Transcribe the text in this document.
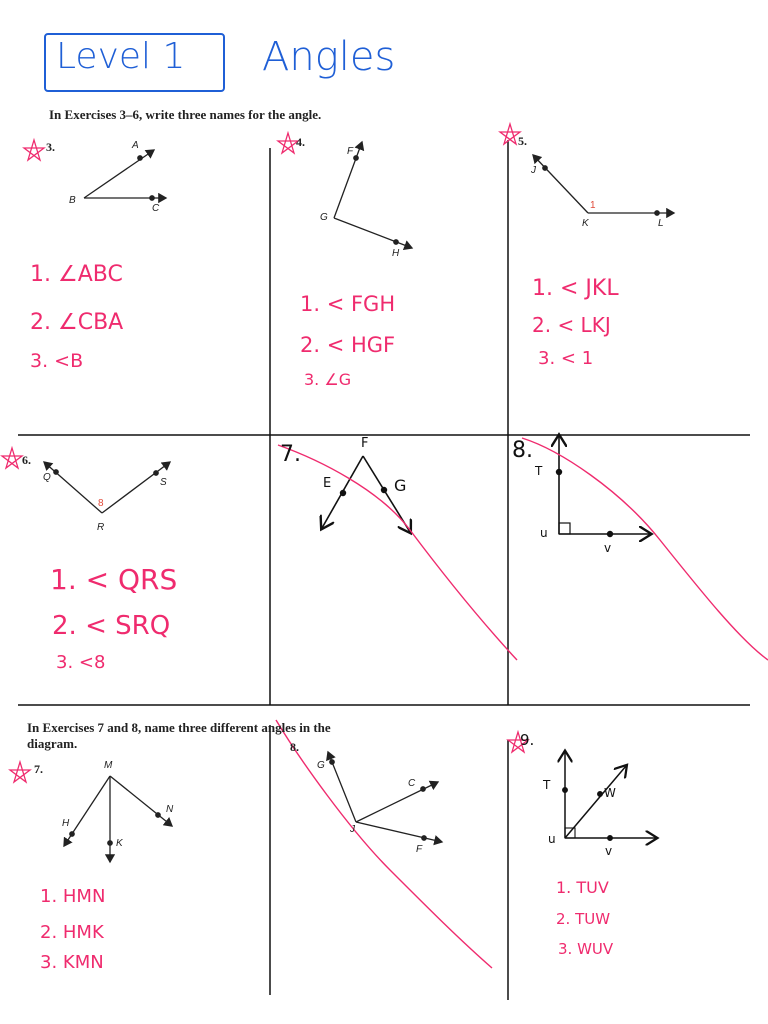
Level 1 Angles
In Exercises 3–6, write three names for the angle.
In Exercises 7 and 8, name three different angles in the
diagram.
3.	A
B
C
1. ∠ABC
2. ∠CBA
3. <B
4.
F
G
H
1. < FGH
2. < HGF
3. ∠G
5.
J
K	L
1
1. < JKL
2. < LKJ
3. < 1
6.
Q
R
S
8
1. < QRS
2. < SRQ
3. <8
7.	F
E	G
8.
T
u
v
7.	M
H
K
N
1. HMN
2. HMK
3. KMN
8.
G
C
J
F
9.
T
W
u
v
1. TUV
2. TUW
3. WUV
